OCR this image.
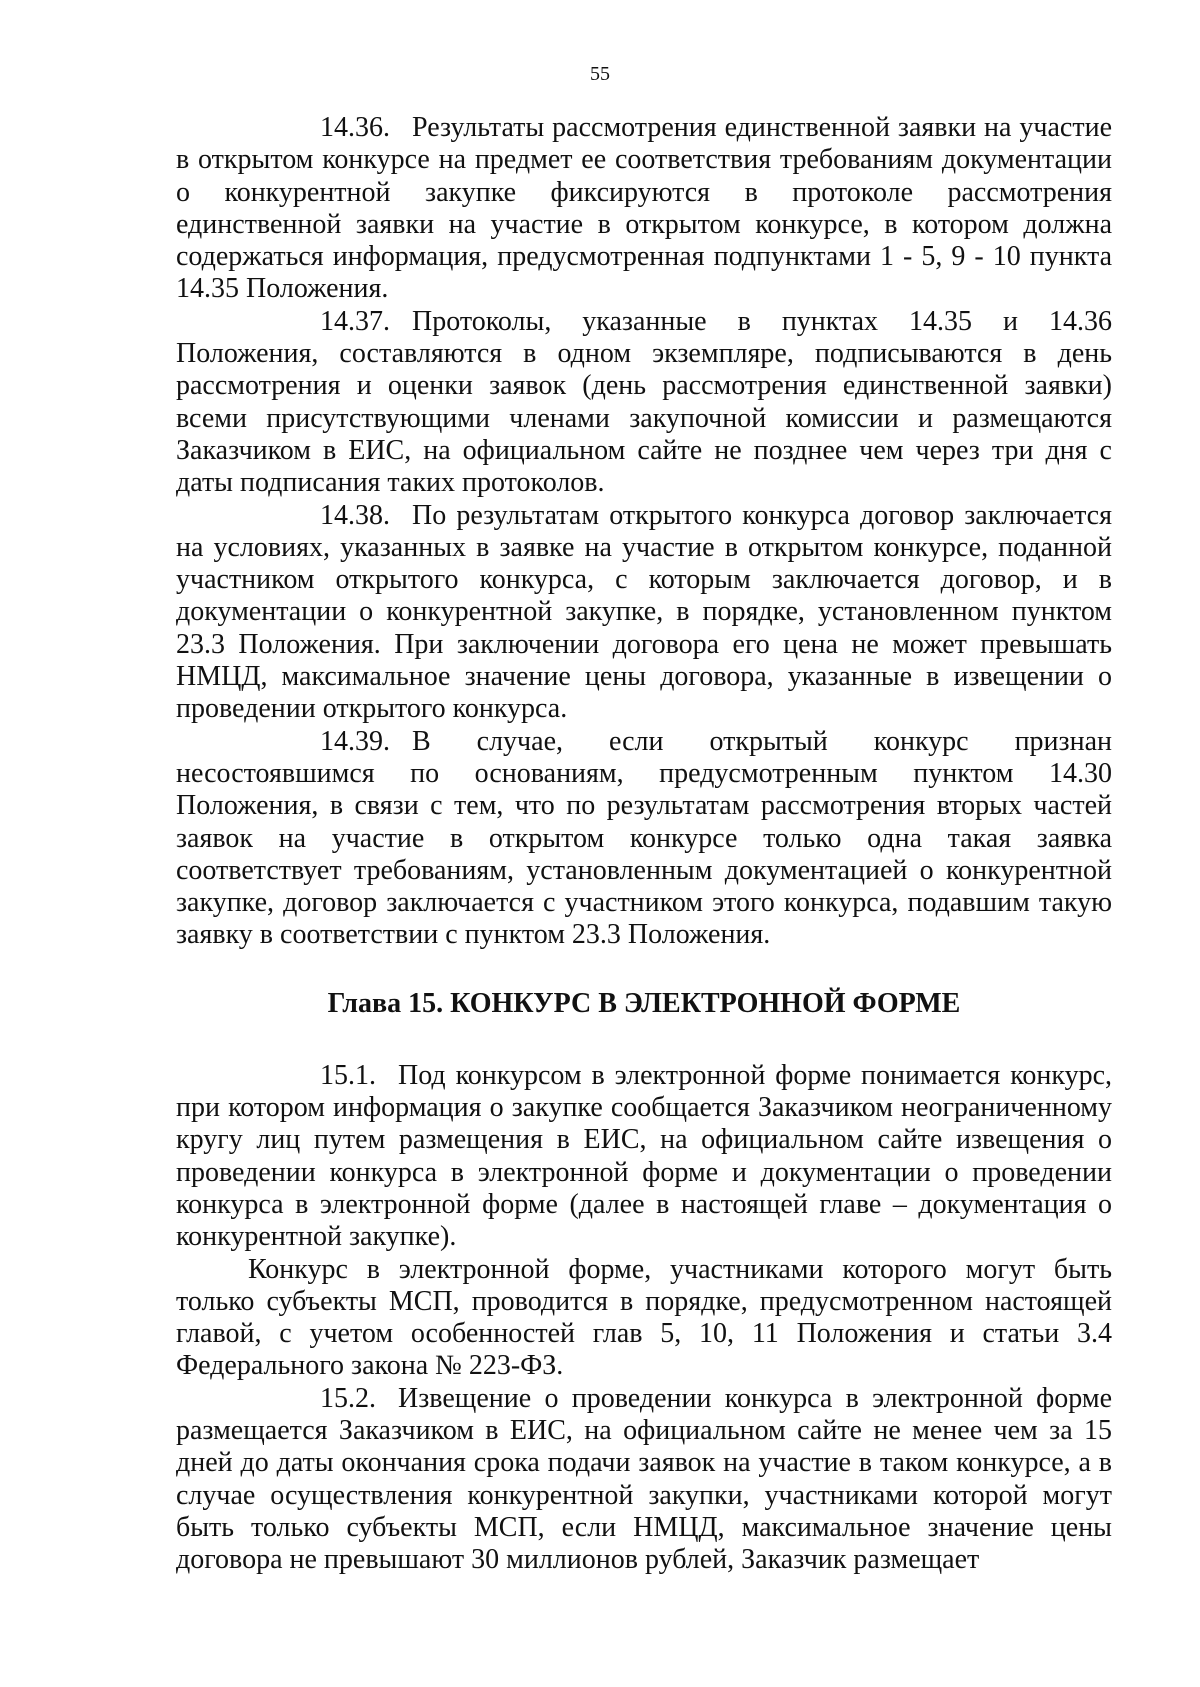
55

14.36. Результаты рассмотрения единственной заявки на участие в открытом конкурсе на предмет ее соответствия требованиям документации о конкурентной закупке фиксируются в протоколе рассмотрения единственной заявки на участие в открытом конкурсе, в котором должна содержаться информация, предусмотренная подпунктами 1 - 5, 9 - 10 пункта 14.35 Положения.

14.37. Протоколы, указанные в пунктах 14.35 и 14.36 Положения, составляются в одном экземпляре, подписываются в день рассмотрения и оценки заявок (день рассмотрения единственной заявки) всеми присутствующими членами закупочной комиссии и размещаются Заказчиком в ЕИС, на официальном сайте не позднее чем через три дня с даты подписания таких протоколов.

14.38. По результатам открытого конкурса договор заключается на условиях, указанных в заявке на участие в открытом конкурсе, поданной участником открытого конкурса, с которым заключается договор, и в документации о конкурентной закупке, в порядке, установленном пунктом 23.3 Положения. При заключении договора его цена не может превышать НМЦД, максимальное значение цены договора, указанные в извещении о проведении открытого конкурса.

14.39. В случае, если открытый конкурс признан несостоявшимся по основаниям, предусмотренным пунктом 14.30 Положения, в связи с тем, что по результатам рассмотрения вторых частей заявок на участие в открытом конкурсе только одна такая заявка соответствует требованиям, установленным документацией о конкурентной закупке, договор заключается с участником этого конкурса, подавшим такую заявку в соответствии с пунктом 23.3 Положения.

Глава 15. КОНКУРС В ЭЛЕКТРОННОЙ ФОРМЕ

15.1. Под конкурсом в электронной форме понимается конкурс, при котором информация о закупке сообщается Заказчиком неограниченному кругу лиц путем размещения в ЕИС, на официальном сайте извещения о проведении конкурса в электронной форме и документации о проведении конкурса в электронной форме (далее в настоящей главе – документация о конкурентной закупке).

Конкурс в электронной форме, участниками которого могут быть только субъекты МСП, проводится в порядке, предусмотренном настоящей главой, с учетом особенностей глав 5, 10, 11 Положения и статьи 3.4 Федерального закона № 223-ФЗ.

15.2. Извещение о проведении конкурса в электронной форме размещается Заказчиком в ЕИС, на официальном сайте не менее чем за 15 дней до даты окончания срока подачи заявок на участие в таком конкурсе, а в случае осуществления конкурентной закупки, участниками которой могут быть только субъекты МСП, если НМЦД, максимальное значение цены договора не превышают 30 миллионов рублей, Заказчик размещает
